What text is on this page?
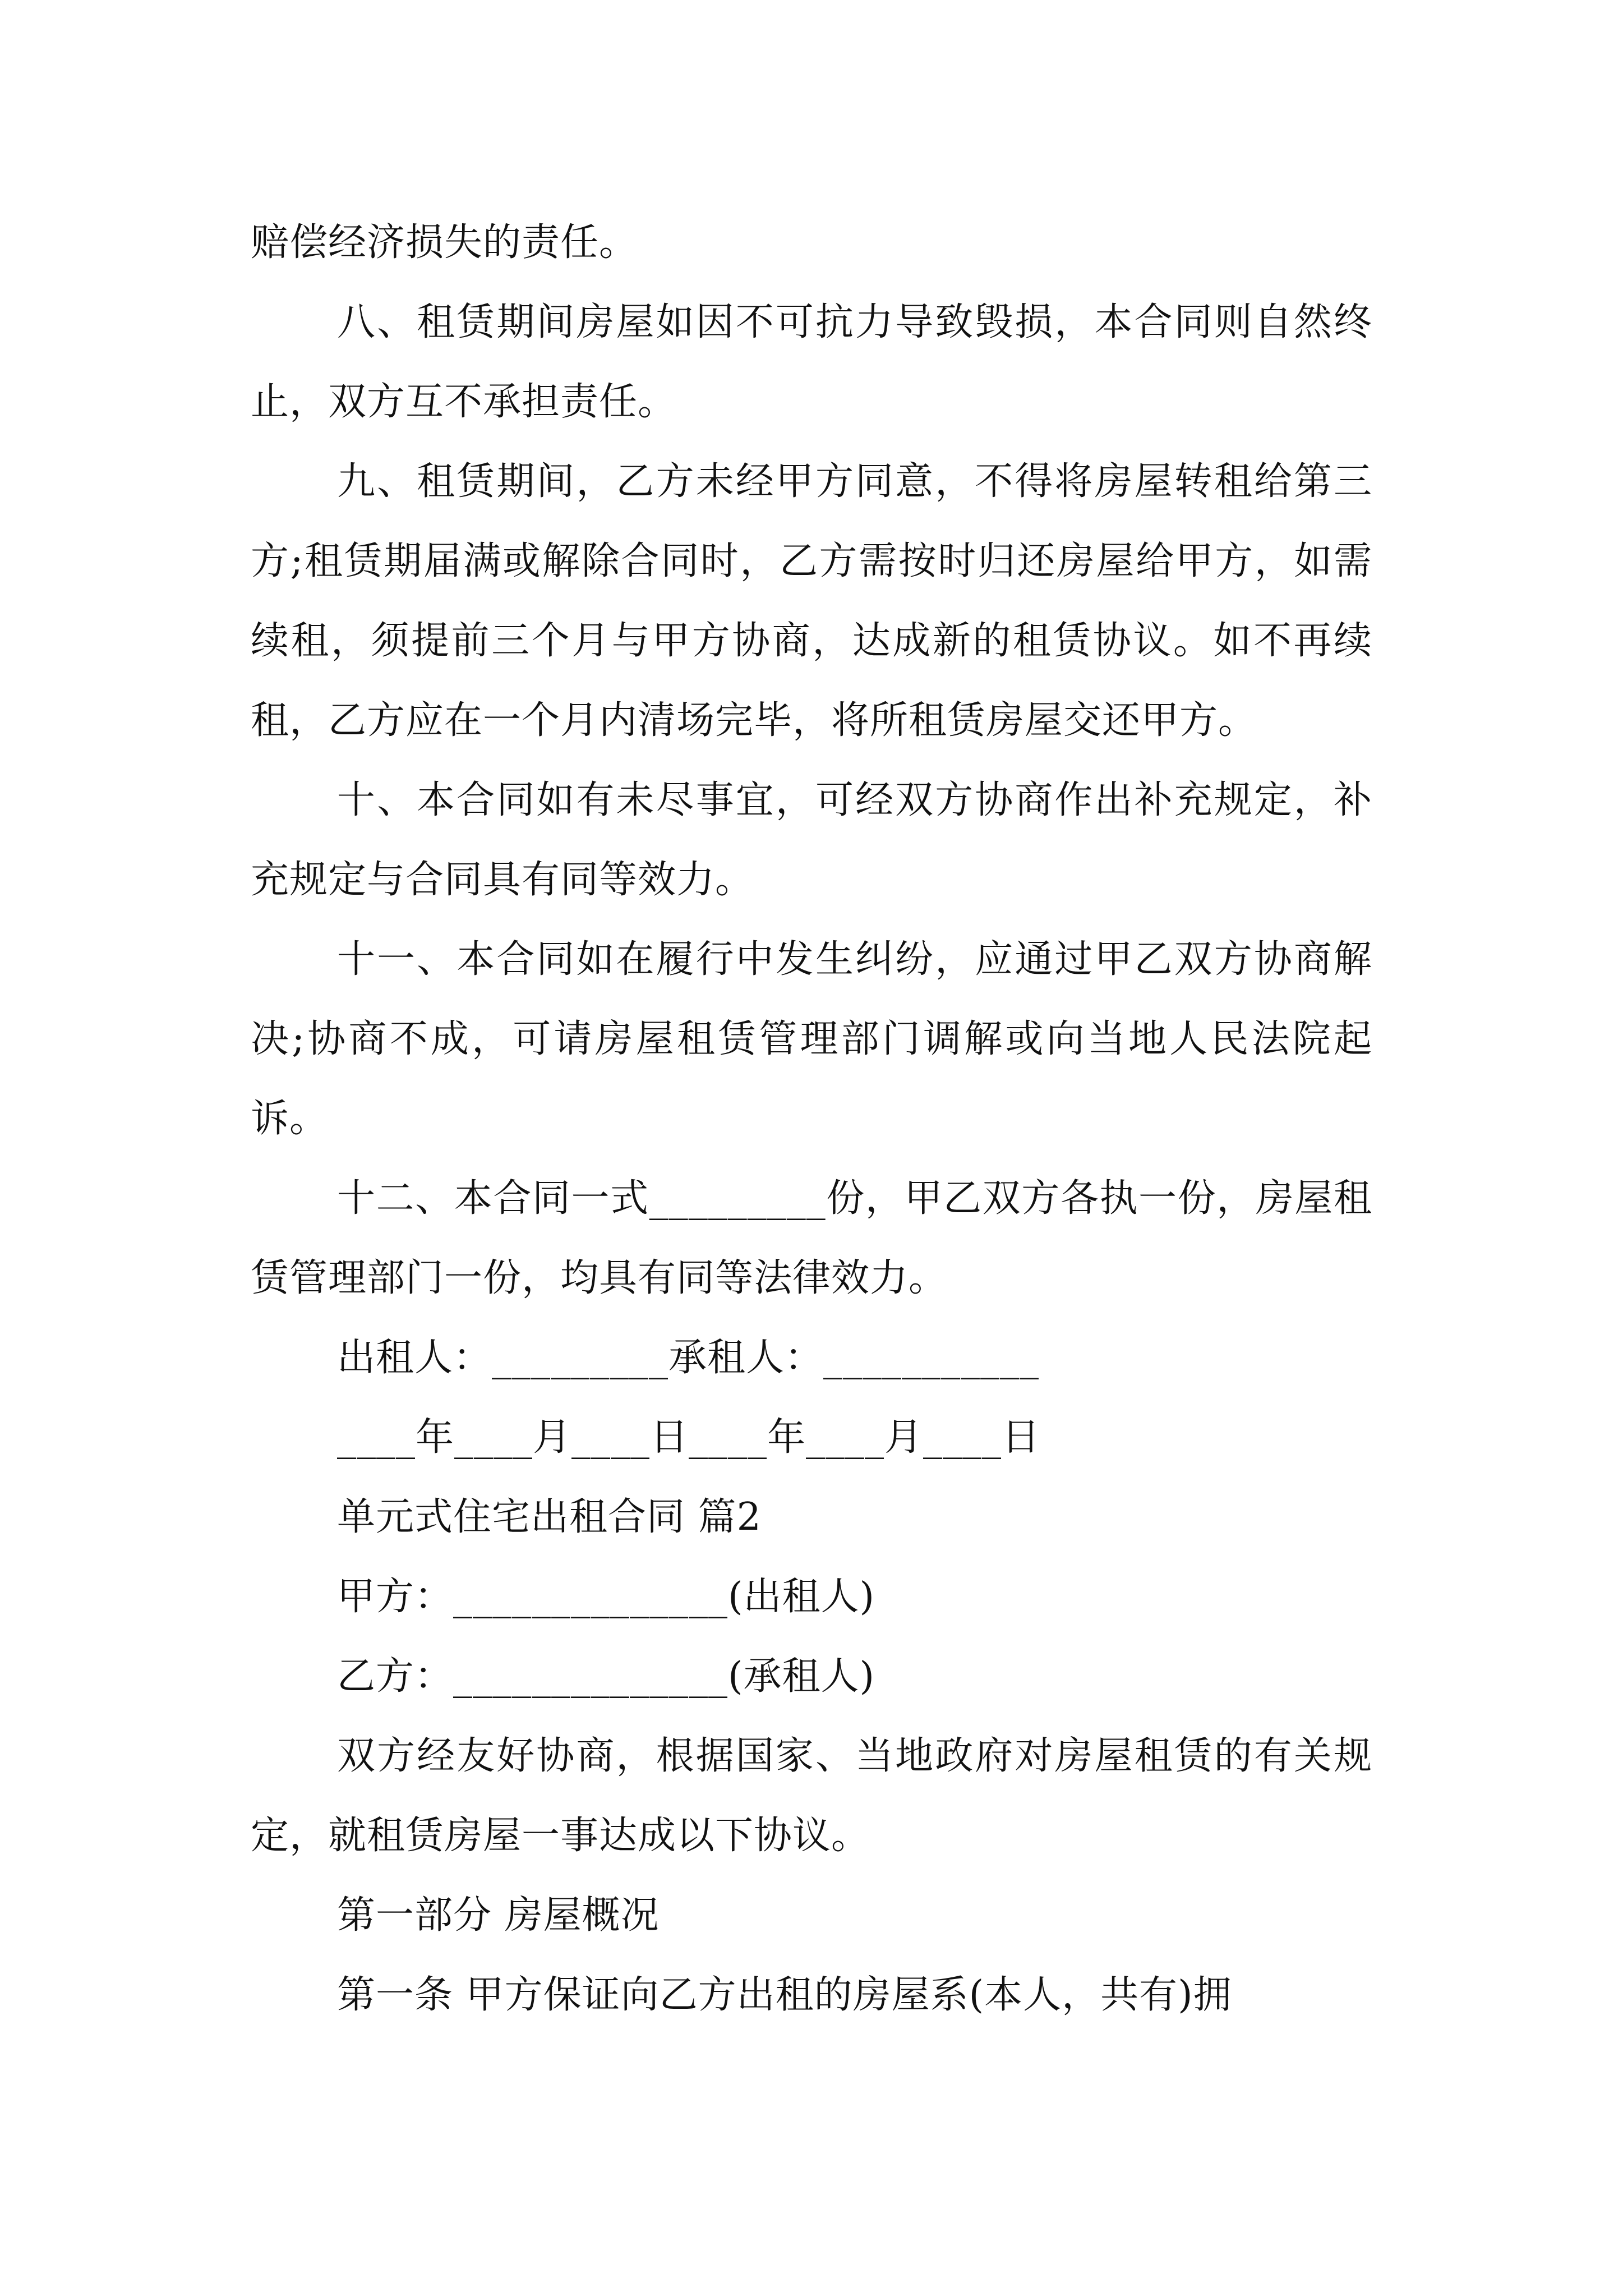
赔偿经济损失的责任。

八、租赁期间房屋如因不可抗力导致毁损，本合同则自然终止，双方互不承担责任。

九、租赁期间，乙方未经甲方同意，不得将房屋转租给第三方;租赁期届满或解除合同时，乙方需按时归还房屋给甲方，如需续租，须提前三个月与甲方协商，达成新的租赁协议。如不再续租，乙方应在一个月内清场完毕，将所租赁房屋交还甲方。

十、本合同如有未尽事宜，可经双方协商作出补充规定，补充规定与合同具有同等效力。

十一、本合同如在履行中发生纠纷，应通过甲乙双方协商解决;协商不成，可请房屋租赁管理部门调解或向当地人民法院起诉。

十二、本合同一式_________份，甲乙双方各执一份，房屋租赁管理部门一份，均具有同等法律效力。

出租人：_________承租人：___________

____年____月____日____年____月____日

单元式住宅出租合同 篇2

甲方：______________(出租人)

乙方：______________(承租人)

双方经友好协商，根据国家、当地政府对房屋租赁的有关规定，就租赁房屋一事达成以下协议。

第一部分 房屋概况

第一条 甲方保证向乙方出租的房屋系(本人，共有)拥
